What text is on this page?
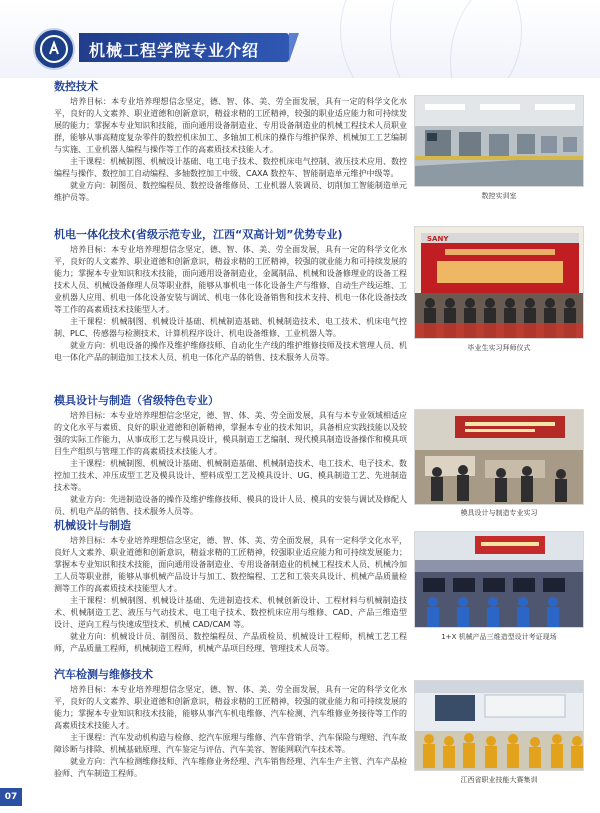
机械工程学院专业介绍
数控技术

培养目标：本专业培养理想信念坚定，德、智、体、美、劳全面发展，具有一定的科学文化水平，良好的人文素养、职业道德和创新意识，精益求精的工匠精神，较强的职业适应能力和可持续发展的能力；掌握本专业知识和技能，面向通用设备制造业、专用设备制造业的机械工程技术人员职业群，能够从事高精度复杂零件的数控机床加工、多轴加工机床的操作与维护保养、机械加工工艺编制与实施、工业机器人编程与操作等工作的高素质技术技能人才。

主干课程：机械制图、机械设计基础、电工电子技术、数控机床电气控制、液压技术应用、数控编程与操作、数控加工自动编程、多轴数控加工中级、CAXA 数控车、智能制造单元维护中级等。

就业方向：制图员、数控编程员、数控设备维修员、工业机器人装调员、切削加工智能制造单元维护员等。

机电一体化技术(省级示范专业，江西“双高计划”优势专业)

培养目标：本专业培养理想信念坚定，德、智、体、美、劳全面发展，具有一定的科学文化水平，良好的人文素养、职业道德和创新意识，精益求精的工匠精神，较强的就业能力和可持续发展的能力；掌握本专业知识和技术技能，面向通用设备制造业，金属制品、机械和设备修理业的设备工程技术人员、机械设备修理人员等职业群，能够从事机电一体化设备生产与维修、自动生产线运维、工业机器人应用、机电一体化设备安装与调试、机电一体化设备销售和技术支持、机电一体化设备技改等工作的高素质技术技能型人才。

主干课程：机械制图、机械设计基础、机械制造基础、机械制造技术、电工技术、机床电气控制、PLC、传感器与检测技术、计算机程序设计、机电设备维修、工业机器人等。

就业方向：机电设备的操作及维护维修技师、自动化生产线的维护维修技师及技术管理人员、机电一体化产品的制造加工技术人员、机电一体化产品的销售、技术服务人员等。

模具设计与制造（省级特色专业）

培养目标：本专业培养理想信念坚定，德、智、体、美、劳全面发展，具有与本专业领域相适应的文化水平与素质、良好的职业道德和创新精神，掌握本专业的技术知识，具备相应实践技能以及较强的实际工作能力，从事成形工艺与模具设计，模具制造工艺编制、现代模具制造设备操作和模具项目生产组织与管理工作的高素质技术技能人才。

主干课程：机械制图、机械设计基础、机械制造基础、机械制造技术、电工技术、电子技术、数控加工技术、冲压成型工艺及模具设计、塑料成型工艺及模具设计、UG、模具制造工艺、先进制造技术等。

就业方向：先进制造设备的操作及维护维修技师、模具的设计人员、模具的安装与调试及修配人员、机电产品的销售、技术服务人员等。

机械设计与制造

培养目标：本专业培养理想信念坚定，德、智、体、美、劳全面发展，具有一定科学文化水平，良好人文素养、职业道德和创新意识，精益求精的工匠精神，较强职业适应能力和可持续发展能力；掌握本专业知识和技术技能，面向通用设备制造业、专用设备制造业的机械工程技术人员、机械冷加工人员等职业群，能够从事机械产品设计与加工、数控编程、工艺和工装夹具设计、机械产品质量检测等工作的高素质技术技能型人才。

主干课程：机械制图、机械设计基础、先进制造技术、机械创新设计、工程材料与机械制造技术、机械制造工艺、液压与气动技术、电工电子技术、数控机床应用与维修、CAD、产品三维造型设计、逆向工程与快速成型技术、机械 CAD/CAM 等。

就业方向：机械设计员、制图员、数控编程员、产品质检员、机械设计工程师，机械工艺工程师，产品质量工程师，机械制造工程师，机械产品项目经理、管理技术人员等。

汽车检测与维修技术

培养目标：本专业培养理想信念坚定，德、智、体、美、劳全面发展，具有一定的科学文化水平，良好的人文素养、职业道德和创新意识，精益求精的工匠精神，较强的就业能力和可持续发展的能力；掌握本专业知识和技术技能，能够从事汽车机电维修、汽车检测、汽车维修业务接待等工作的高素质技术技能人才。

主干课程：汽车发动机构造与检修、挖汽车原理与维修、汽车营销学、汽车保险与理赔、汽车故障诊断与排除、机械基础原理、汽车鉴定与评估、汽车美容、智能网联汽车技术等。

就业方向：汽车检测维修技师、汽车维修业务经理、汽车销售经理、汽车生产主管、汽车产品检验师、汽车制造工程师。

数控实训室
SANY
毕业生实习拜师仪式
模具设计与制造专业实习
1+X 机械产品三维造型设计考证现场
江西省职业技能大赛集训
07
